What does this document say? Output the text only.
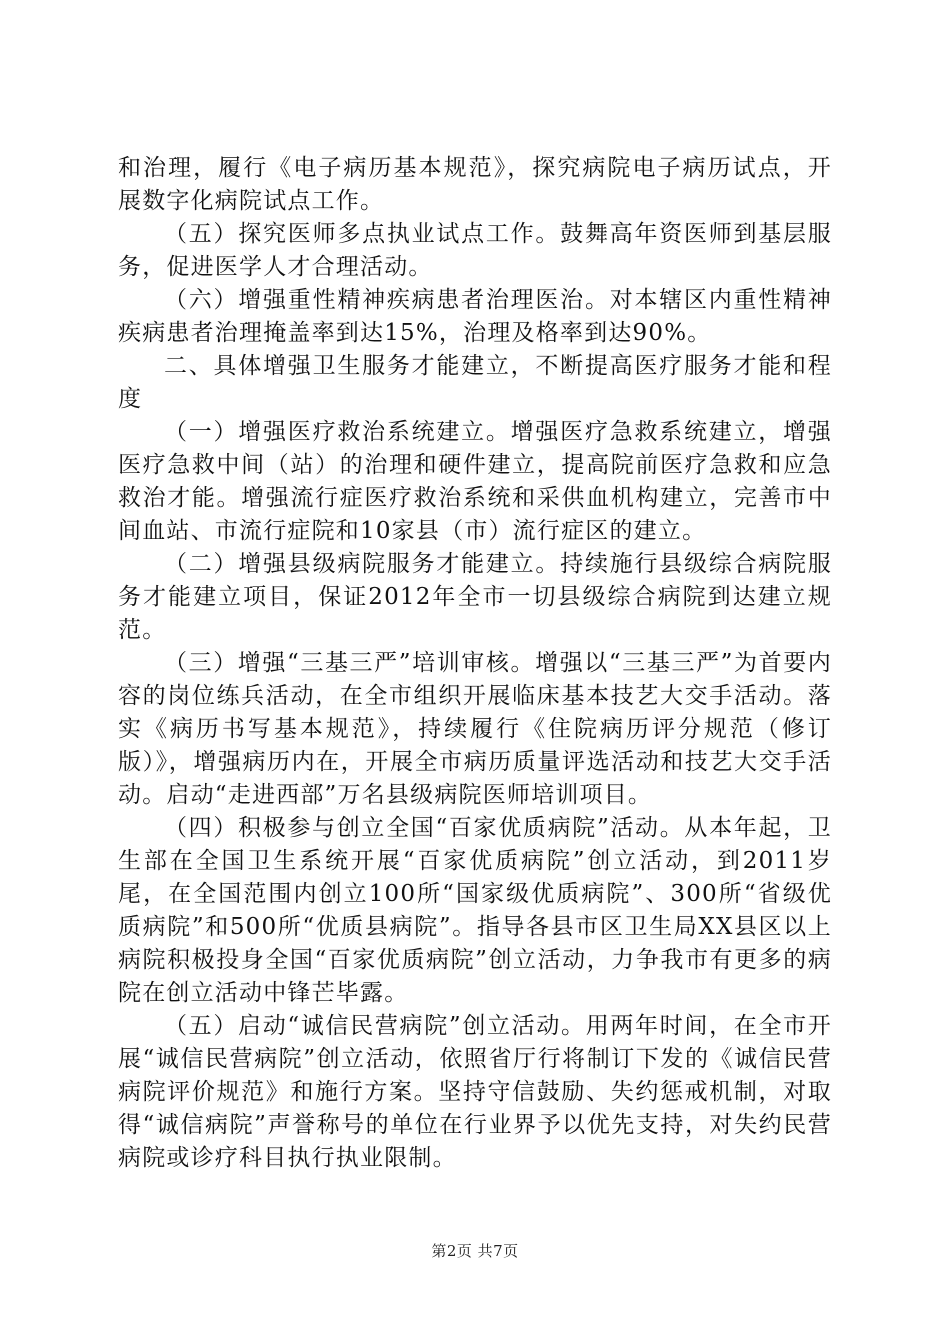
和治理，履行《电子病历基本规范》，探究病院电子病历试点，开展数字化病院试点工作。

（五）探究医师多点执业试点工作。鼓舞高年资医师到基层服务，促进医学人才合理活动。

（六）增强重性精神疾病患者治理医治。对本辖区内重性精神疾病患者治理掩盖率到达15%，治理及格率到达90%。

二、具体增强卫生服务才能建立，不断提高医疗服务才能和程度

（一）增强医疗救治系统建立。增强医疗急救系统建立，增强医疗急救中间（站）的治理和硬件建立，提高院前医疗急救和应急救治才能。增强流行症医疗救治系统和采供血机构建立，完善市中间血站、市流行症院和10家县（市）流行症区的建立。

（二）增强县级病院服务才能建立。持续施行县级综合病院服务才能建立项目，保证2012年全市一切县级综合病院到达建立规范。

（三）增强“三基三严”培训审核。增强以“三基三严”为首要内容的岗位练兵活动，在全市组织开展临床基本技艺大交手活动。落实《病历书写基本规范》，持续履行《住院病历评分规范（修订版）》，增强病历内在，开展全市病历质量评选活动和技艺大交手活动。启动“走进西部”万名县级病院医师培训项目。

（四）积极参与创立全国“百家优质病院”活动。从本年起，卫生部在全国卫生系统开展“百家优质病院”创立活动，到2011岁尾，在全国范围内创立100所“国家级优质病院”、300所“省级优质病院”和500所“优质县病院”。指导各县市区卫生局XX县区以上病院积极投身全国“百家优质病院”创立活动，力争我市有更多的病院在创立活动中锋芒毕露。

（五）启动“诚信民营病院”创立活动。用两年时间，在全市开展“诚信民营病院”创立活动，依照省厅行将制订下发的《诚信民营病院评价规范》和施行方案。坚持守信鼓励、失约惩戒机制，对取得“诚信病院”声誉称号的单位在行业界予以优先支持，对失约民营病院或诊疗科目执行执业限制。

第2页 共7页
